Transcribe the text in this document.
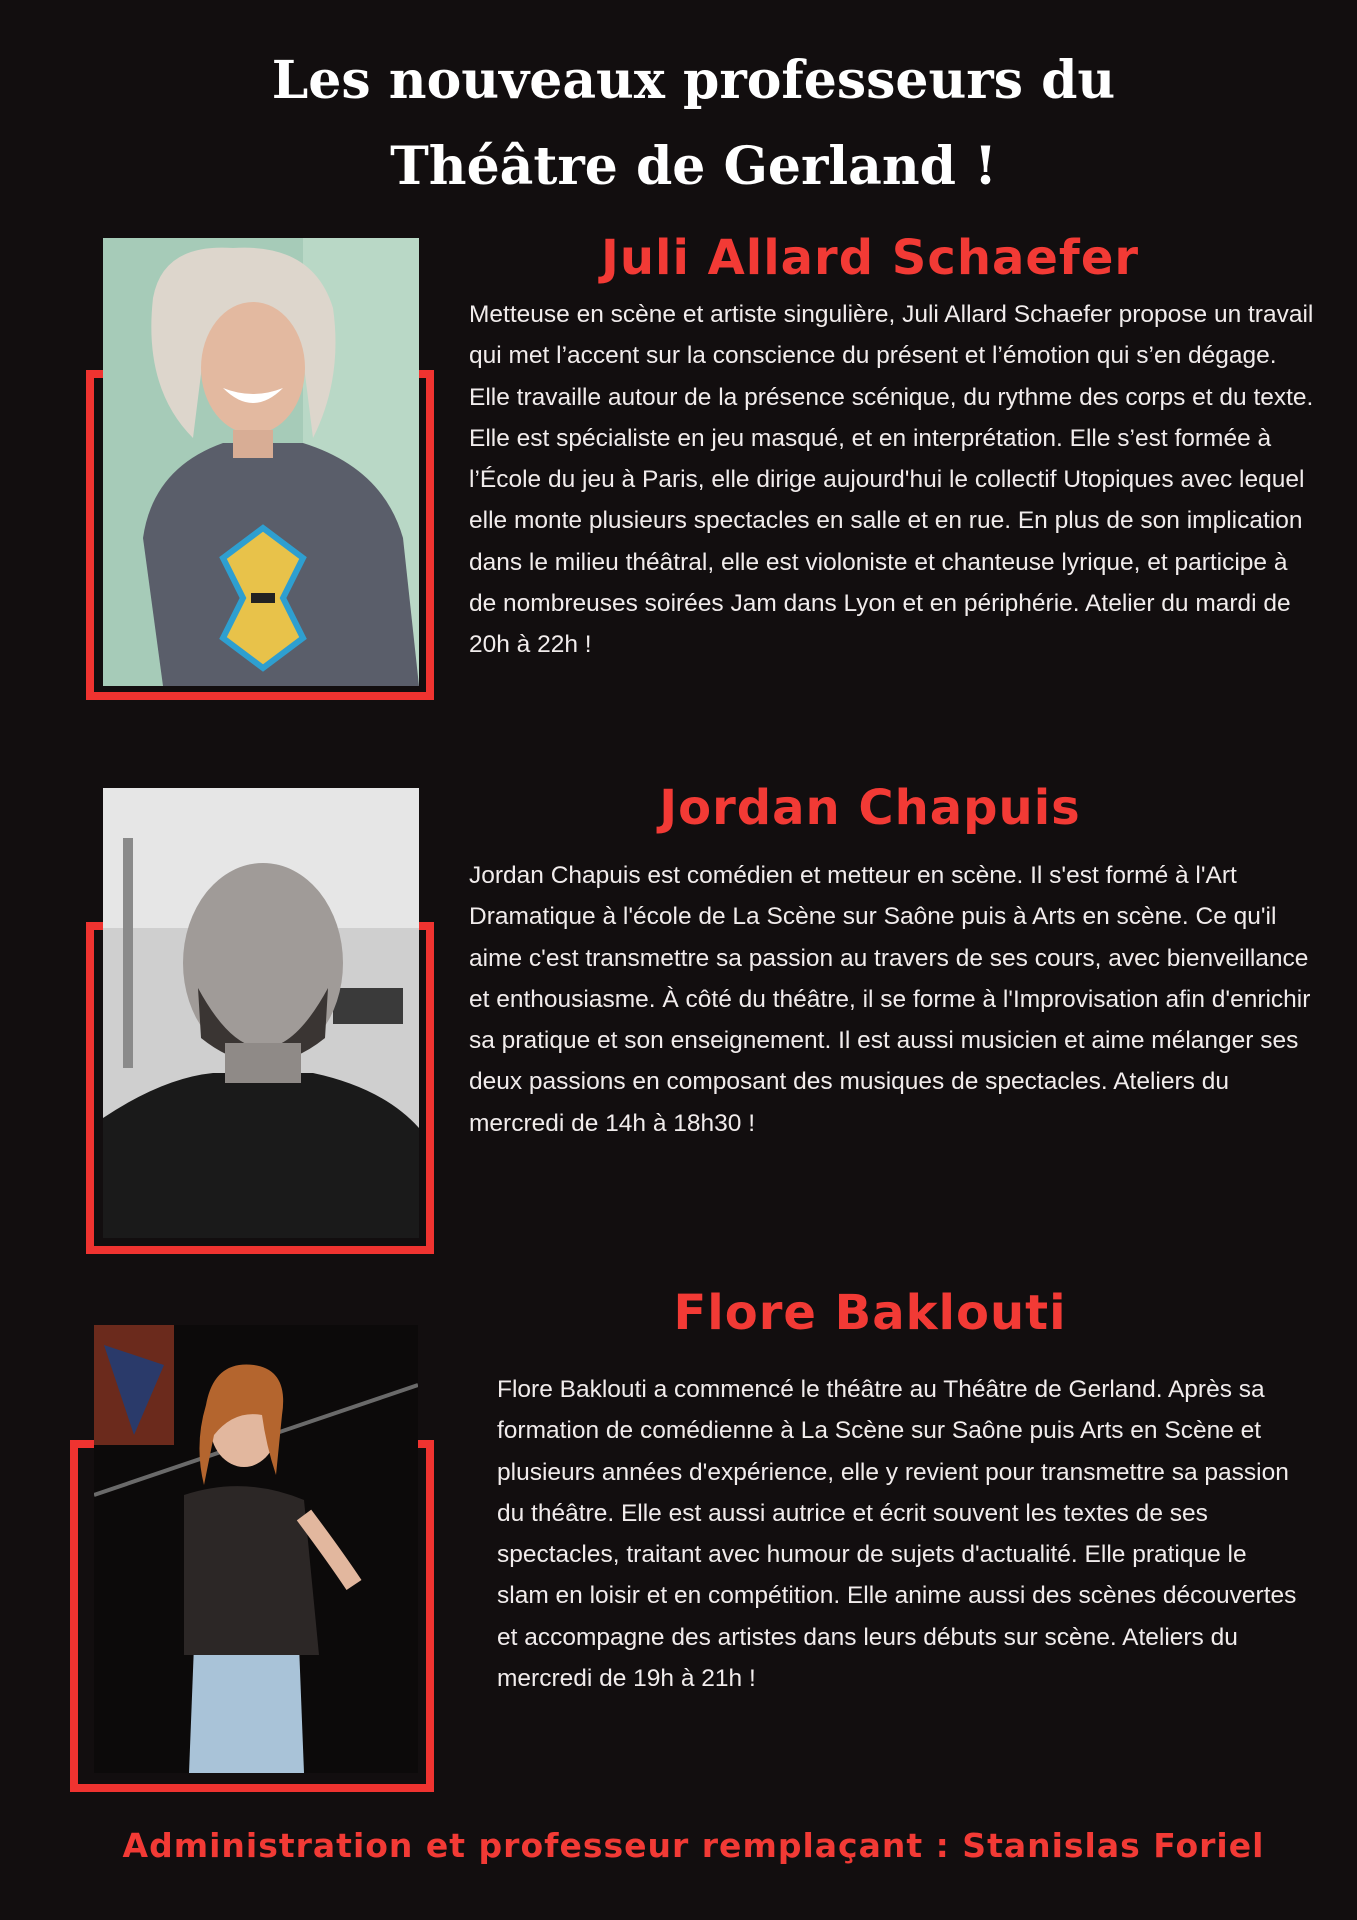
Les nouveaux professeurs du
Théâtre de Gerland !
Juli Allard Schaefer
Metteuse en scène et artiste singulière, Juli Allard Schaefer propose un travail qui met l’accent sur la conscience du présent et l’émotion qui s’en dégage. Elle travaille autour de la présence scénique, du rythme des corps et du texte. Elle est spécialiste en jeu masqué, et en interprétation. Elle s’est formée à l’École du jeu à Paris, elle dirige aujourd'hui le collectif Utopiques avec lequel elle monte plusieurs spectacles en salle et en rue. En plus de son implication dans le milieu théâtral, elle est violoniste et chanteuse lyrique, et participe à de nombreuses soirées Jam dans Lyon et en périphérie. Atelier du mardi de 20h à 22h !
Jordan Chapuis
Jordan Chapuis est comédien et metteur en scène. Il s'est formé à l'Art Dramatique à l'école de La Scène sur Saône puis à Arts en scène. Ce qu'il aime c'est transmettre sa passion au travers de ses cours, avec bienveillance et enthousiasme. À côté du théâtre, il se forme à l'Improvisation afin d'enrichir sa pratique et son enseignement. Il est aussi musicien et aime mélanger ses deux passions en composant des musiques de spectacles. Ateliers du mercredi de 14h à 18h30 !
Flore Baklouti
Flore Baklouti a commencé le théâtre au Théâtre de Gerland. Après sa formation de comédienne à La Scène sur Saône puis Arts en Scène et plusieurs années d'expérience, elle y revient pour transmettre sa passion du théâtre. Elle est aussi autrice et écrit souvent les textes de ses spectacles, traitant avec humour de sujets d'actualité. Elle pratique le slam en loisir et en compétition. Elle anime aussi des scènes découvertes et accompagne des artistes dans leurs débuts sur scène. Ateliers du mercredi de 19h à 21h !
Administration et professeur remplaçant : Stanislas Foriel
